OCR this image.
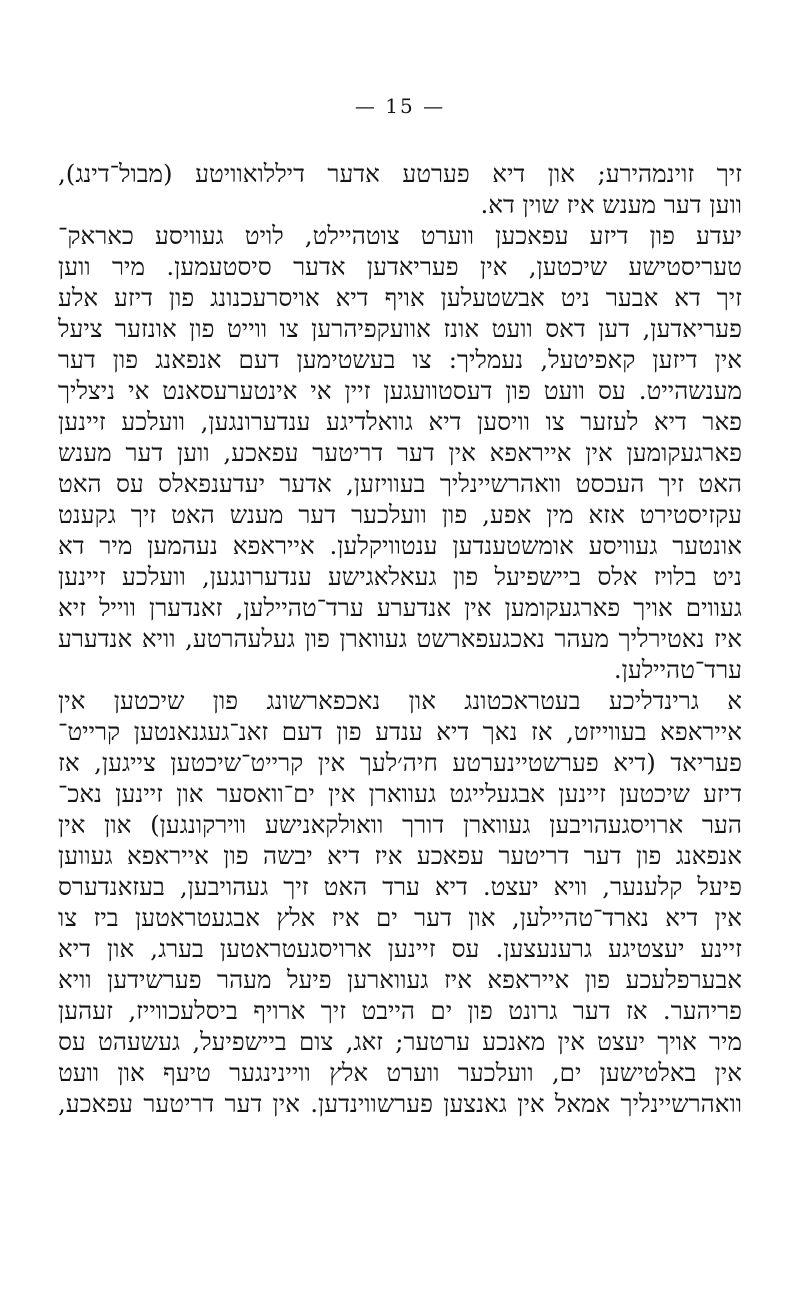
— 15 —
זיך זוינמהירע; און דיא פערטע אדער דיללואוויטע (מבול־דינג),
ווען דער מענש איז שוין דא.
יעדע פון דיזע עפאכען ווערט צוטהיילט, לויט געוויסע כאראק־
טעריסטישע שיכטען, אין פעריאדען אדער סיסטעמען. מיר ווען
זיך דא אבער ניט אבשטעלען אויף דיא אויסרעכנונג פון דיזע אלע
פעריאדען, דען דאס וועט אונז אוועקפיהרען צו ווייט פון אונזער ציעל
אין דיזען קאפיטעל, נעמליך: צו בעשטימען דעם אנפאנג פון דער
מענשהייט. עס וועט פון דעסטוועגען זיין אי אינטערעסאנט אי ניצליך
פאר דיא לעזער צו וויסען דיא גוואלדיגע ענדערונגען, וועלכע זיינען
פארגעקומען אין אייראפא אין דער דריטער עפאכע, ווען דער מענש
האט זיך העכסט וואהרשיינליך בעוויזען, אדער יעדענפאלס עס האט
עקזיסטירט אזא מין אפע, פון וועלכער דער מענש האט זיך גקענט
אונטער געוויסע אומשטענדען ענטוויקלען. אייראפא נעהמען מיר דא
ניט בלויז אלס ביישפיעל פון געאלאגישע ענדערונגען, וועלכע זיינען
געווים אויך פארגעקומען אין אנדערע ערד־טהיילען, זאנדערן ווייל זיא
איז נאטירליך מעהר נאכגעפארשט געווארן פון געלעהרטע, וויא אנדערע
ערד־טהיילען.
א גרינדליכע בעטראכטונג און נאכפארשונג פון שיכטען אין
אייראפא בעווייזט, אז נאך דיא ענדע פון דעם זאנ־געגנאנטען קרייט־
פעריאד (דיא פערשטיינערטע חיה׳לעך אין קרייט־שיכטען צייגען, אז
דיזע שיכטען זיינען אבגעלייגט געווארן אין ים־וואסער און זיינען נאכ־
הער ארויסגעהויבען געווארן דורך וואולקאנישע ווירקונגען) און אין
אנפאנג פון דער דריטער עפאכע איז דיא יבשה פון אייראפא געווען
פיעל קלענער, וויא יעצט. דיא ערד האט זיך געהויבען, בעזאנדערס
אין דיא נארד־טהיילען, און דער ים איז אלץ אבגעטראטען ביז צו
זיינע יעצטיגע גרענעצען. עס זיינען ארויסגעטראטען בערג, און דיא
אבערפלעכע פון אייראפא איז געווארען פיעל מעהר פערשידען וויא
פריהער. אז דער גרונט פון ים הייבט זיך ארויף ביסלעכווייז, זעהען
מיר אויך יעצט אין מאנכע ערטער; זאג, צום ביישפיעל, געשעהט עס
אין באלטישען ים, וועלכער ווערט אלץ וויינינגער טיעף און וועט
וואהרשיינליך אמאל אין גאנצען פערשווינדען. אין דער דריטער עפאכע,
